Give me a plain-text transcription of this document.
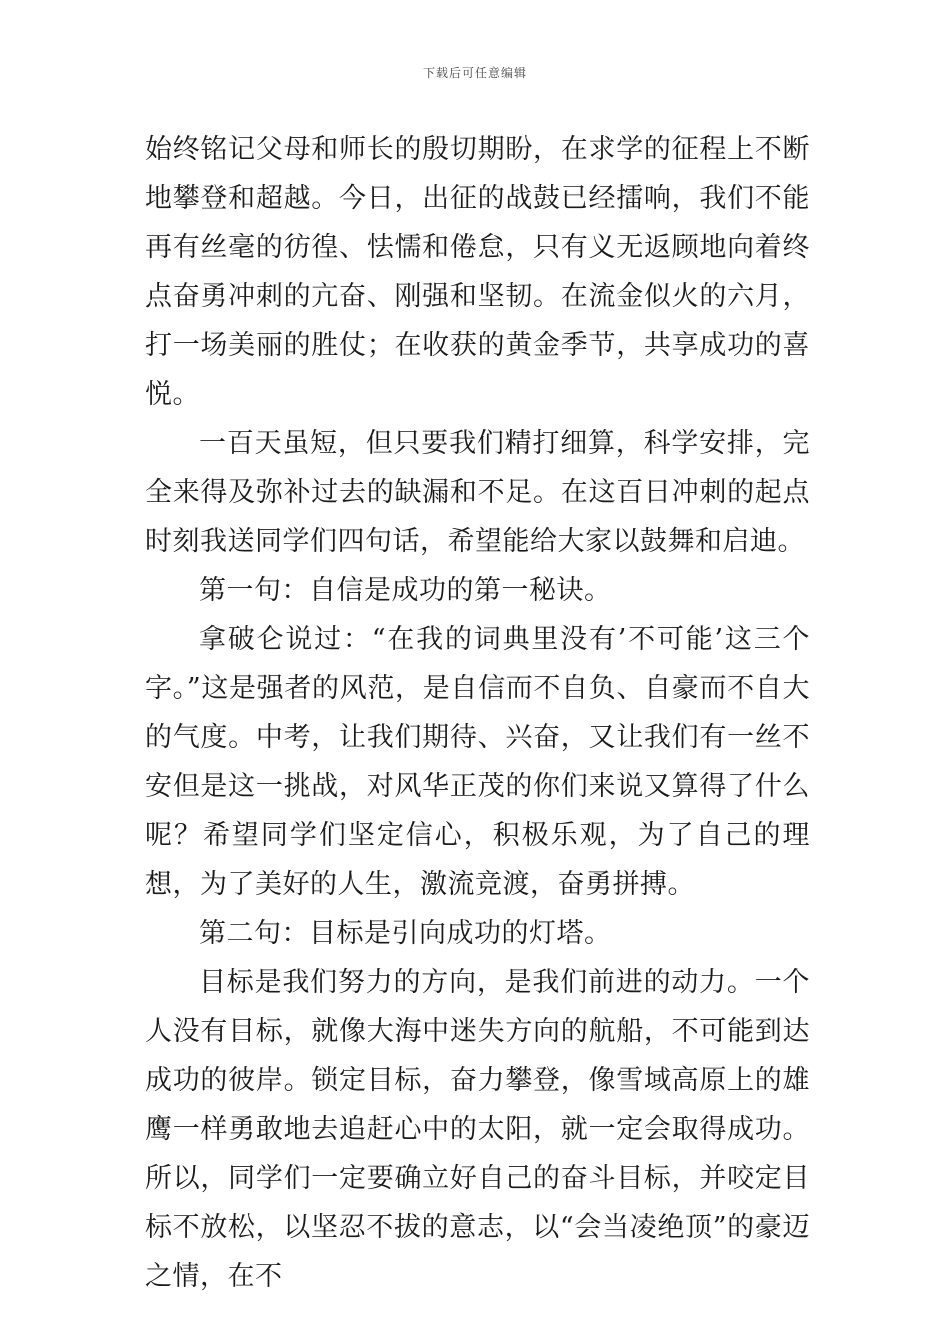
下载后可任意编辑

始终铭记父母和师长的殷切期盼，在求学的征程上不断地攀登和超越。今日，出征的战鼓已经擂响，我们不能再有丝毫的彷徨、怯懦和倦怠，只有义无返顾地向着终点奋勇冲刺的亢奋、刚强和坚韧。在流金似火的六月，打一场美丽的胜仗；在收获的黄金季节，共享成功的喜悦。

一百天虽短，但只要我们精打细算，科学安排，完全来得及弥补过去的缺漏和不足。在这百日冲刺的起点时刻我送同学们四句话，希望能给大家以鼓舞和启迪。

第一句：自信是成功的第一秘诀。

拿破仑说过：“在我的词典里没有’不可能’这三个字。”这是强者的风范，是自信而不自负、自豪而不自大的气度。中考，让我们期待、兴奋，又让我们有一丝不安但是这一挑战，对风华正茂的你们来说又算得了什么呢？希望同学们坚定信心，积极乐观，为了自己的理想，为了美好的人生，激流竞渡，奋勇拼搏。

第二句：目标是引向成功的灯塔。

目标是我们努力的方向，是我们前进的动力。一个人没有目标，就像大海中迷失方向的航船，不可能到达成功的彼岸。锁定目标，奋力攀登，像雪域高原上的雄鹰一样勇敢地去追赶心中的太阳，就一定会取得成功。所以，同学们一定要确立好自己的奋斗目标，并咬定目标不放松，以坚忍不拔的意志，以“会当凌绝顶”的豪迈之情，在不
